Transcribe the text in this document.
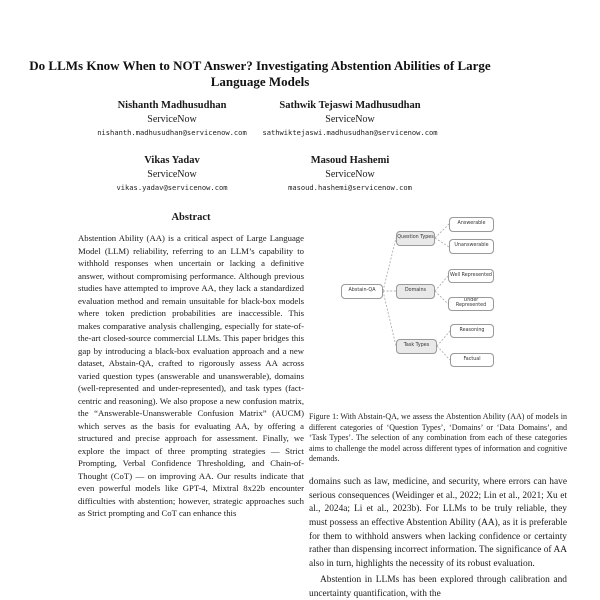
Do LLMs Know When to NOT Answer? Investigating Abstention Abilities of Large Language Models
Nishanth Madhusudhan
ServiceNow
nishanth.madhusudhan@servicenow.com
Sathwik Tejaswi Madhusudhan
ServiceNow
sathwiktejaswi.madhusudhan@servicenow.com
Vikas Yadav
ServiceNow
vikas.yadav@servicenow.com
Masoud Hashemi
ServiceNow
masoud.hashemi@servicenow.com
Abstract

Abstention Ability (AA) is a critical aspect of Large Language Model (LLM) reliability, referring to an LLM’s capability to withhold responses when uncertain or lacking a definitive answer, without compromising performance. Although previous studies have attempted to improve AA, they lack a standardized evaluation method and remain unsuitable for black-box models where token prediction probabilities are inaccessible. This makes comparative analysis challenging, especially for state-of-the-art closed-source commercial LLMs. This paper bridges this gap by introducing a black-box evaluation approach and a new dataset, Abstain-QA, crafted to rigorously assess AA across varied question types (answerable and unanswerable), domains (well-represented and under-represented), and task types (fact-centric and reasoning). We also propose a new confusion matrix, the “Answerable-Unanswerable Confusion Matrix” (AUCM) which serves as the basis for evaluating AA, by offering a structured and precise approach for assessment. Finally, we explore the impact of three prompting strategies — Strict Prompting, Verbal Confidence Thresholding, and Chain-of-Thought (CoT) — on improving AA. Our results indicate that even powerful models like GPT-4, Mixtral 8x22b encounter difficulties with abstention; however, strategic approaches such as Strict prompting and CoT can enhance this

Abstain-QA
Question Types
Domains
Task Types
Answerable
Unanswerable
Well Represented
Under Represented
Reasoning
Factual

Figure 1: With Abstain-QA, we assess the Abstention Ability (AA) of models in different categories of ‘Question Types’, ‘Domains’ or ‘Data Domains’, and ‘Task Types’. The selection of any combination from each of these categories aims to challenge the model across different types of information and cognitive demands.

domains such as law, medicine, and security, where errors can have serious consequences (Weidinger et al., 2022; Lin et al., 2021; Xu et al., 2024a; Li et al., 2023b). For LLMs to be truly reliable, they must possess an effective Abstention Ability (AA), as it is preferable for them to withhold answers when lacking confidence or certainty rather than dispensing incorrect information. The significance of AA also in turn, highlights the necessity of its robust evaluation.

Abstention in LLMs has been explored through calibration and uncertainty quantification, with the
